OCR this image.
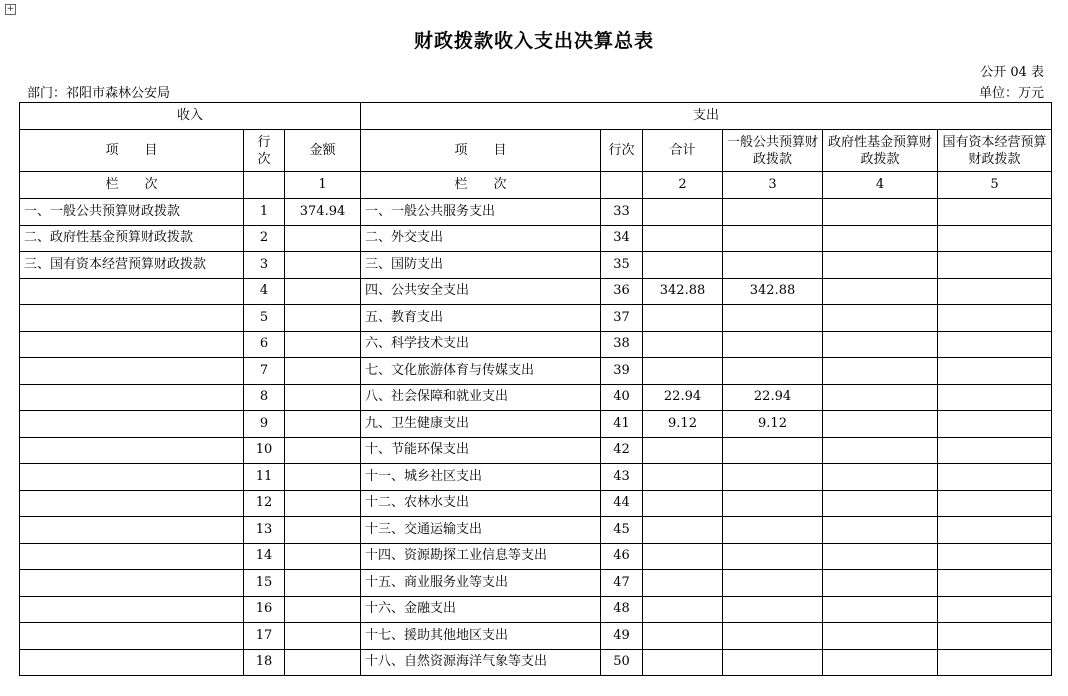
+
财政拨款收入支出决算总表
公开 04 表
部门：祁阳市森林公安局	单位：万元
收入			支出					
项　　目	行次	金额	项　　目	行次	合计	一般公共预算财政拨款	政府性基金预算财政拨款	国有资本经营预算财政拨款
栏　　次		1	栏　　次		2	3	4	5
一、一般公共预算财政拨款	1	374.94	一、一般公共服务支出	33				
二、政府性基金预算财政拨款	2		二、外交支出	34				
三、国有资本经营预算财政拨款	3		三、国防支出	35				
	4		四、公共安全支出	36	342.88	342.88		
	5		五、教育支出	37				
	6		六、科学技术支出	38				
	7		七、文化旅游体育与传媒支出	39				
	8		八、社会保障和就业支出	40	22.94	22.94		
	9		九、卫生健康支出	41	9.12	9.12		
	10		十、节能环保支出	42				
	11		十一、城乡社区支出	43				
	12		十二、农林水支出	44				
	13		十三、交通运输支出	45				
	14		十四、资源勘探工业信息等支出	46				
	15		十五、商业服务业等支出	47				
	16		十六、金融支出	48				
	17		十七、援助其他地区支出	49				
	18		十八、自然资源海洋气象等支出	50				
